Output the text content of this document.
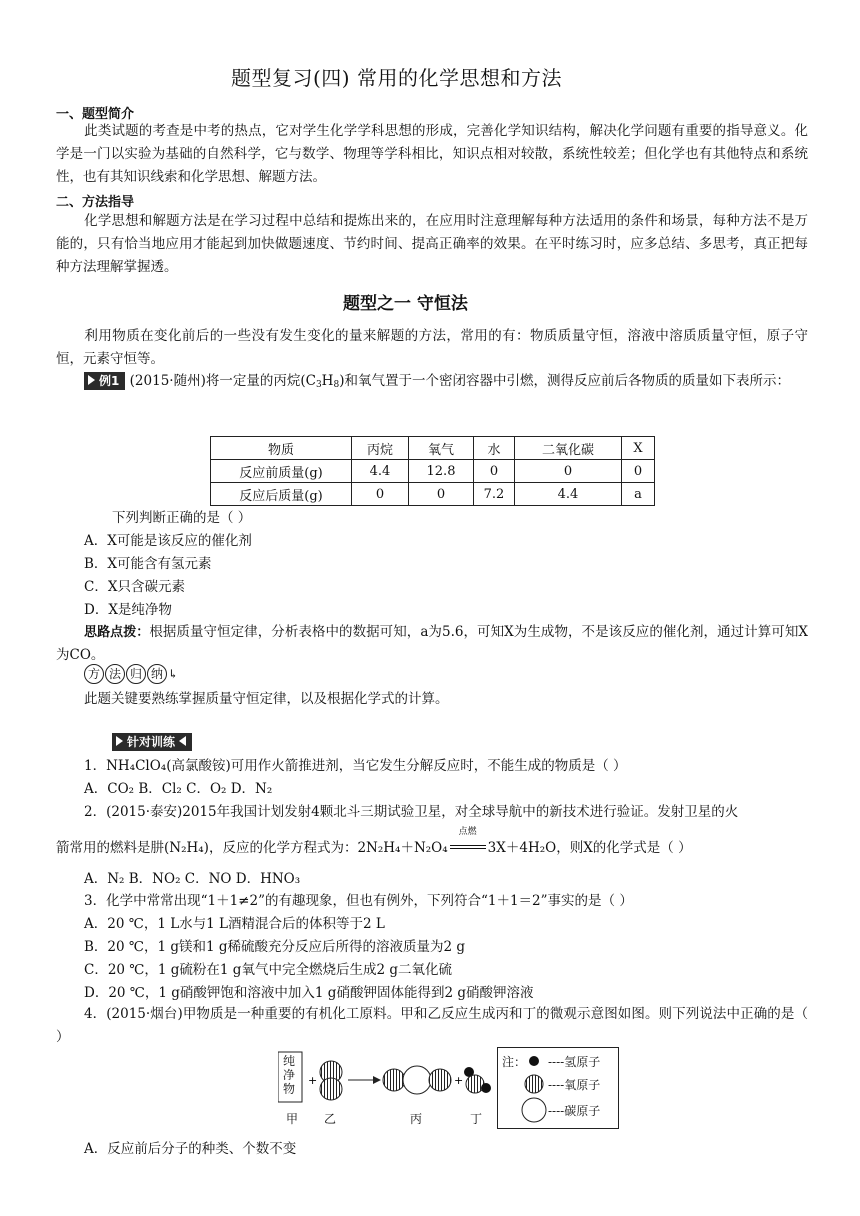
题型复习(四) 常用的化学思想和方法
一、题型简介
此类试题的考查是中考的热点，它对学生化学学科思想的形成，完善化学知识结构，解决化学问题有重要的指导意义。化学是一门以实验为基础的自然科学，它与数学、物理等学科相比，知识点相对较散，系统性较差；但化学也有其他特点和系统性，也有其知识线索和化学思想、解题方法。
二、方法指导
化学思想和解题方法是在学习过程中总结和提炼出来的，在应用时注意理解每种方法适用的条件和场景，每种方法不是万能的，只有恰当地应用才能起到加快做题速度、节约时间、提高正确率的效果。在平时练习时，应多总结、多思考，真正把每种方法理解掌握透。
题型之一 守恒法
利用物质在变化前后的一些没有发生变化的量来解题的方法，常用的有：物质质量守恒，溶液中溶质质量守恒，原子守恒，元素守恒等。
例1 (2015·随州)将一定量的丙烷$(C_3H_8)$和氧气置于一个密闭容器中引燃，测得反应前后各物质的质量如下表所示：
物质	丙烷	氧气	水	二氧化碳	X
反应前质量(g)	4.4	12.8	0	0	0
反应后质量(g)	0	0	7.2	4.4	a
下列判断正确的是（ ）
A．X可能是该反应的催化剂
B．X可能含有氢元素
C．X只含碳元素
D．X是纯净物
思路点拨：根据质量守恒定律，分析表格中的数据可知，a为5.6，可知X为生成物，不是该反应的催化剂，通过计算可知X为CO。
方 法 归 纳 ↳
此题关键要熟练掌握质量守恒定律，以及根据化学式的计算。
针对训练
1．NH₄ClO₄(高氯酸铵)可用作火箭推进剂，当它发生分解反应时，不能生成的物质是（ ）
A．CO₂ B．Cl₂ C．O₂ D．N₂
2．(2015·泰安)2015年我国计划发射4颗北斗三期试验卫星，对全球导航中的新技术进行验证。发射卫星的火
箭常用的燃料是肼(N₂H₄)，反应的化学方程式为：2N₂H₄＋N₂O₄
点燃
3X＋4H₂O，则X的化学式是（ ）
A．N₂ B．NO₂ C．NO D．HNO₃
3．化学中常常出现“1＋1≠2”的有趣现象，但也有例外，下列符合“1＋1＝2”事实的是（ ）
A．20 ℃，1 L水与1 L酒精混合后的体积等于2 L
B．20 ℃，1 g镁和1 g稀硫酸充分反应后所得的溶液质量为2 g
C．20 ℃，1 g硫粉在1 g氧气中完全燃烧后生成2 g二氧化硫
D．20 ℃，1 g硝酸钾饱和溶液中加入1 g硝酸钾固体能得到2 g硝酸钾溶液
4．(2015·烟台)甲物质是一种重要的有机化工原料。甲和乙反应生成丙和丁的微观示意图如图。则下列说法中正确的是（ ）
+	+
纯
净
物
甲 乙	丙	丁
注： ----氢原子
----氧原子
----碳原子
A．反应前后分子的种类、个数不变
